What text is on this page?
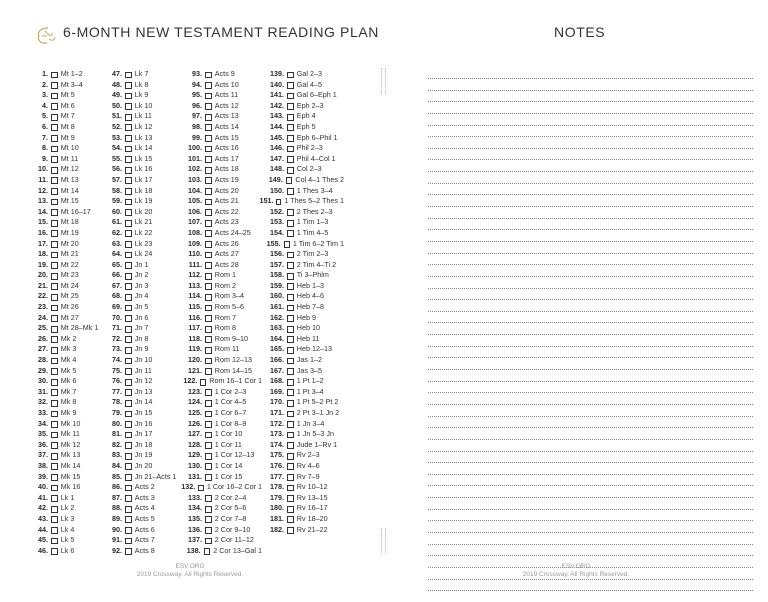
6-MONTH NEW TESTAMENT READING PLAN	NOTES
1. Mt 1–2
2. Mt 3–4
3. Mt 5
4. Mt 6
5. Mt 7
6. Mt 8
7. Mt 9
8. Mt 10
9. Mt 11
10. Mt 12
11. Mt 13
12. Mt 14
13. Mt 15
14. Mt 16–17
15. Mt 18
16. Mt 19
17. Mt 20
18. Mt 21
19. Mt 22
20. Mt 23
21. Mt 24
22. Mt 25
23. Mt 26
24. Mt 27
25. Mt 28–Mk 1
26. Mk 2
27. Mk 3
28. Mk 4
29. Mk 5
30. Mk 6
31. Mk 7
32. Mk 8
33. Mk 9
34. Mk 10
35. Mk 11
36. Mk 12
37. Mk 13
38. Mk 14
39. Mk 15
40. Mk 16
41. Lk 1
42. Lk 2
43. Lk 3
44. Lk 4
45. Lk 5
46. Lk 6
47. Lk 7
48. Lk 8
49. Lk 9
50. Lk 10
51. Lk 11
52. Lk 12
53. Lk 13
54. Lk 14
55. Lk 15
56. Lk 16
57. Lk 17
58. Lk 18
59. Lk 19
60. Lk 20
61. Lk 21
62. Lk 22
63. Lk 23
64. Lk 24
65. Jn 1
66. Jn 2
67. Jn 3
68. Jn 4
69. Jn 5
70. Jn 6
71. Jn 7
72. Jn 8
73. Jn 9
74. Jn 10
75. Jn 11
76. Jn 12
77. Jn 13
78. Jn 14
79. Jn 15
80. Jn 16
81. Jn 17
82. Jn 18
83. Jn 19
84. Jn 20
85. Jn 21–Acts 1
86. Acts 2
87. Acts 3
88. Acts 4
89. Acts 5
90. Acts 6
91. Acts 7
92. Acts 8
93. Acts 9
94. Acts 10
95. Acts 11
96. Acts 12
97. Acts 13
98. Acts 14
99. Acts 15
100. Acts 16
101. Acts 17
102. Acts 18
103. Acts 19
104. Acts 20
105. Acts 21
106. Acts 22
107. Acts 23
108. Acts 24–25
109. Acts 26
110. Acts 27
111. Acts 28
112. Rom 1
113. Rom 2
114. Rom 3–4
115. Rom 5–6
116. Rom 7
117. Rom 8
118. Rom 9–10
119. Rom 11
120. Rom 12–13
121. Rom 14–15
122. Rom 16–1 Cor 1
123. 1 Cor 2–3
124. 1 Cor 4–5
125. 1 Cor 6–7
126. 1 Cor 8–9
127. 1 Cor 10
128. 1 Cor 11
129. 1 Cor 12–13
130. 1 Cor 14
131. 1 Cor 15
132. 1 Cor 16–2 Cor 1
133. 2 Cor 2–4
134. 2 Cor 5–6
135. 2 Cor 7–8
136. 2 Cor 9–10
137. 2 Cor 11–12
138. 2 Cor 13–Gal 1
139. Gal 2–3
140. Gal 4–5
141. Gal 6–Eph 1
142. Eph 2–3
143. Eph 4
144. Eph 5
145. Eph 6–Phil 1
146. Phil 2–3
147. Phil 4–Col 1
148. Col 2–3
149. Col 4–1 Thes 2
150. 1 Thes 3–4
151. 1 Thes 5–2 Thes 1
152. 2 Thes 2–3
153. 1 Tim 1–3
154. 1 Tim 4–5
155. 1 Tim 6–2 Tim 1
156. 2 Tim 2–3
157. 2 Tim 4–Ti 2
158. Ti 3–Phlm
159. Heb 1–3
160. Heb 4–6
161. Heb 7–8
162. Heb 9
163. Heb 10
164. Heb 11
165. Heb 12–13
166. Jas 1–2
167. Jas 3–5
168. 1 Pt 1–2
169. 1 Pt 3–4
170. 1 Pt 5–2 Pt 2
171. 2 Pt 3–1 Jn 2
172. 1 Jn 3–4
173. 1 Jn 5–3 Jn
174. Jude 1–Rv 1
175. Rv 2–3
176. Rv 4–6
177. Rv 7–9
178. Rv 10–12
179. Rv 13–15
180. Rv 16–17
181. Rv 18–20
182. Rv 21–22
ESV.ORG
2019 Crossway. All Rights Reserved.
ESV.ORG
2019 Crossway. All Rights Reserved.
